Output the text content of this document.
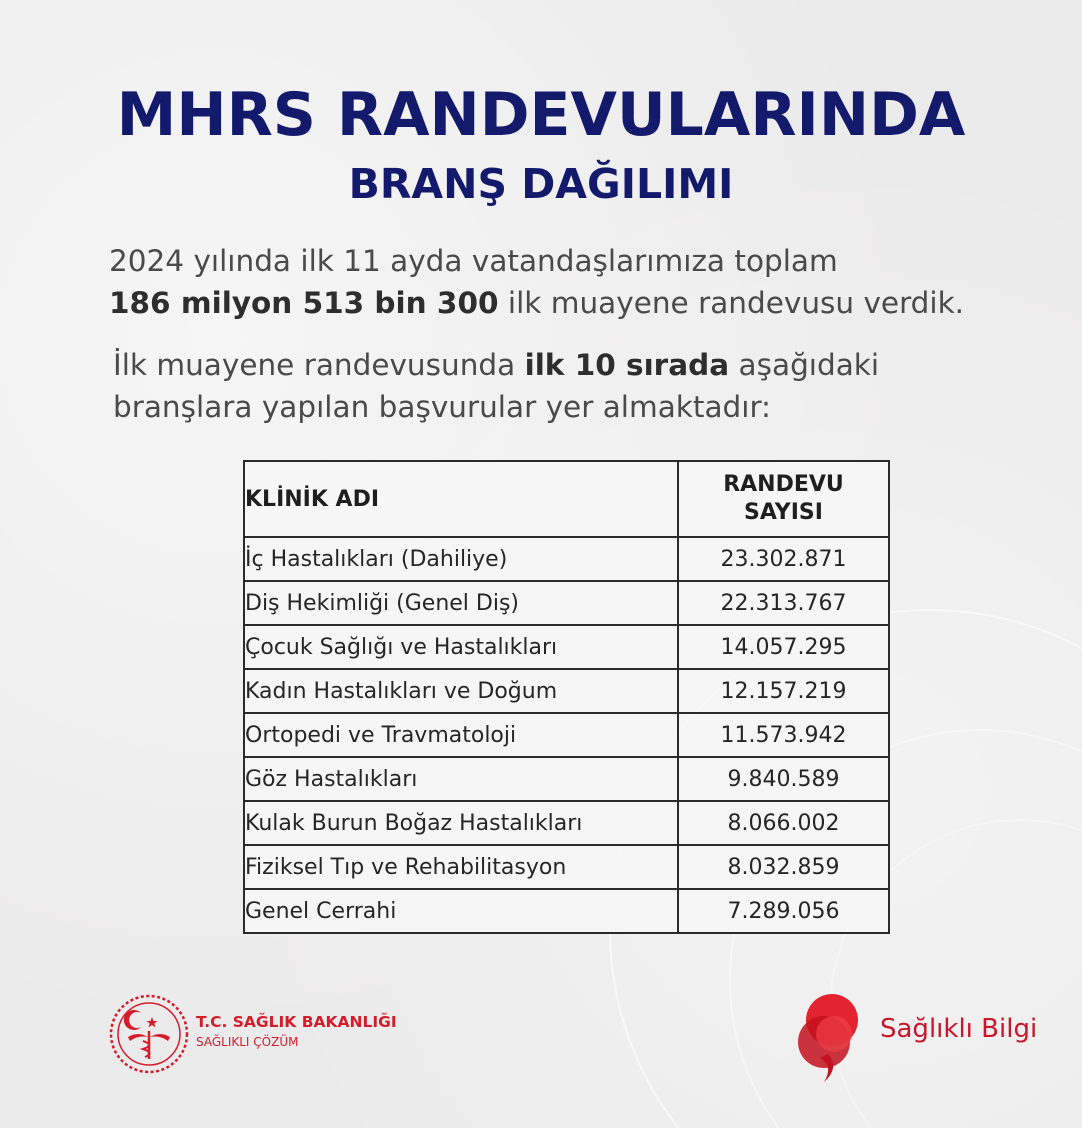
MHRS RANDEVULARINDA
BRANŞ DAĞILIMI
2024 yılında ilk 11 ayda vatandaşlarımıza toplam
186 milyon 513 bin 300 ilk muayene randevusu verdik.
İlk muayene randevusunda ilk 10 sırada aşağıdaki
branşlara yapılan başvurular yer almaktadır:
KLİNİK ADI	RANDEVU
SAYISI

İç Hastalıkları (Dahiliye)	23.302.871
Diş Hekimliği (Genel Diş)	22.313.767
Çocuk Sağlığı ve Hastalıkları	14.057.295
Kadın Hastalıkları ve Doğum	12.157.219
Ortopedi ve Travmatoloji	11.573.942
Göz Hastalıkları	9.840.589
Kulak Burun Boğaz Hastalıkları	8.066.002
Fiziksel Tıp ve Rehabilitasyon	8.032.859
Genel Cerrahi	7.289.056
T.C. SAĞLIK BAKANLIĞI
SAĞLIKLI ÇÖZÜM	Sağlıklı Bilgi
